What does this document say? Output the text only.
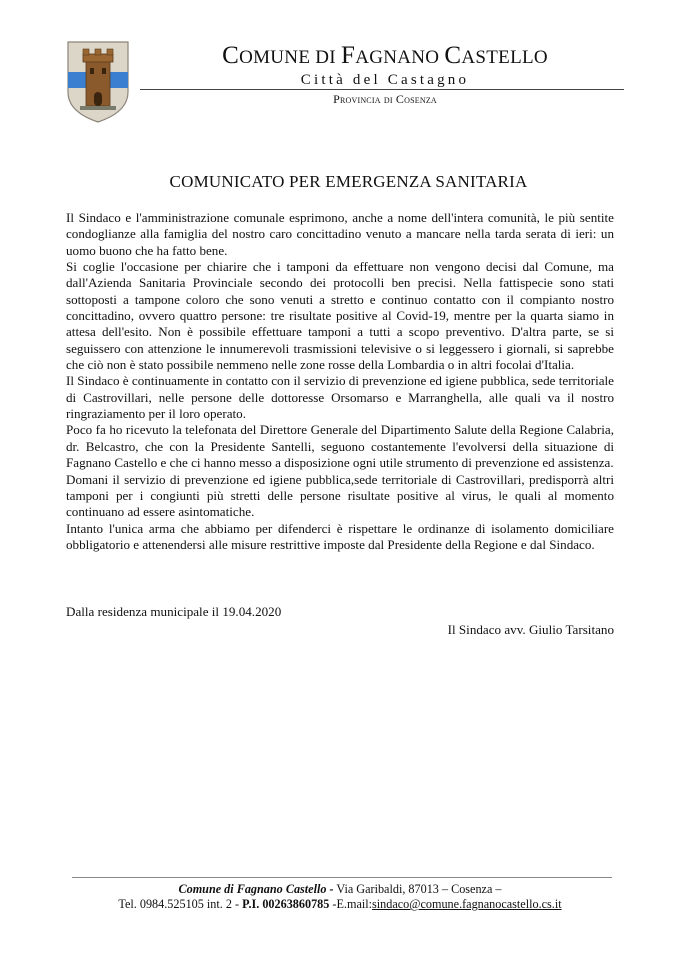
COMUNE DI FAGNANO CASTELLO
Città del Castagno
Provincia di Cosenza
COMUNICATO PER EMERGENZA SANITARIA

Il Sindaco e l'amministrazione comunale esprimono, anche a nome dell'intera comunità, le più sentite condoglianze alla famiglia del nostro caro concittadino venuto a mancare nella tarda serata di ieri: un uomo buono che ha fatto bene.

Si coglie l'occasione per chiarire che i tamponi da effettuare non vengono decisi dal Comune, ma dall'Azienda Sanitaria Provinciale secondo dei protocolli ben precisi. Nella fattispecie sono stati sottoposti a tampone coloro che sono venuti a stretto e continuo contatto con il compianto nostro concittadino, ovvero quattro persone: tre risultate positive al Covid-19, mentre per la quarta siamo in attesa dell'esito. Non è possibile effettuare tamponi a tutti a scopo preventivo. D'altra parte, se si seguissero con attenzione le innumerevoli trasmissioni televisive o si leggessero i giornali, si saprebbe che ciò non è stato possibile nemmeno nelle zone rosse della Lombardia o in altri focolai d'Italia.

Il Sindaco è continuamente in contatto con il servizio di prevenzione ed igiene pubblica, sede territoriale di Castrovillari, nelle persone delle dottoresse Orsomarso e Marranghella, alle quali va il nostro ringraziamento per il loro operato.

Poco fa ho ricevuto la telefonata del Direttore Generale del Dipartimento Salute della Regione Calabria, dr. Belcastro, che con la Presidente Santelli, seguono costantemente l'evolversi della situazione di Fagnano Castello e che ci hanno messo a disposizione ogni utile strumento di prevenzione ed assistenza.

Domani il servizio di prevenzione ed igiene pubblica,sede territoriale di Castrovillari, predisporrà altri tamponi per i congiunti più stretti delle persone risultate positive al virus, le quali al momento continuano ad essere asintomatiche.

Intanto l'unica arma che abbiamo per difenderci è rispettare le ordinanze di isolamento domiciliare obbligatorio e attenendersi alle misure restrittive imposte dal Presidente della Regione e dal Sindaco.

Dalla residenza municipale il 19.04.2020
Il Sindaco avv. Giulio Tarsitano
Comune di Fagnano Castello - Via Garibaldi, 87013 – Cosenza –
Tel. 0984.525105 int. 2 - P.I. 00263860785 -E.mail:sindaco@comune.fagnanocastello.cs.it
